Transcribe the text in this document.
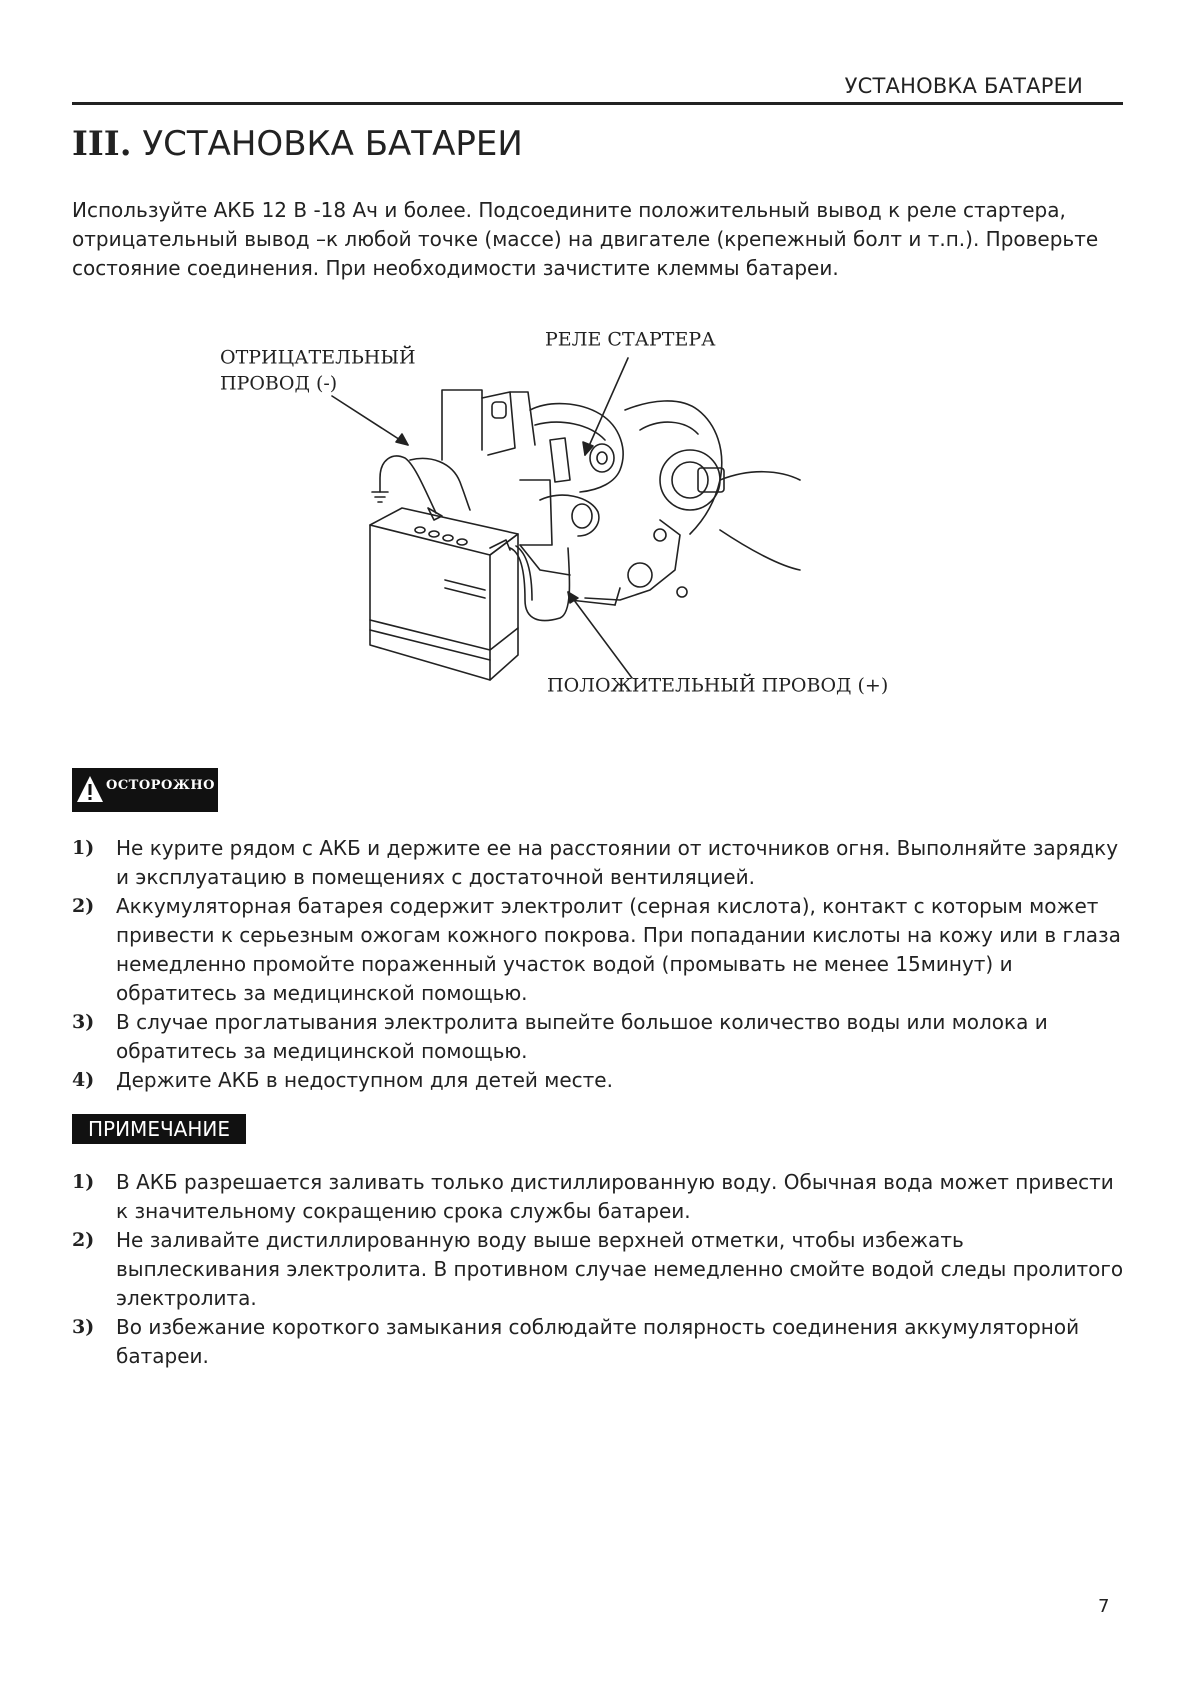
УСТАНОВКА БАТАРЕИ
III. УСТАНОВКА БАТАРЕИ

Используйте АКБ 12 В -18 Ач и более. Подсоедините положительный вывод к реле стартера, отрицательный вывод –к любой точке (массе) на двигателе (крепежный болт и т.п.). Проверьте состояние соединения. При необходимости зачистите клеммы батареи.

РЕЛЕ СТАРТЕРА
ОТРИЦАТЕЛЬНЫЙ
ПРОВОД (-)
ПОЛОЖИТЕЛЬНЫЙ ПРОВОД (+)
ОСТОРОЖНО
1)	Не курите рядом с АКБ и держите ее на расстоянии от источников огня. Выполняйте зарядку и эксплуатацию в помещениях с достаточной вентиляцией.
2)	Аккумуляторная батарея содержит электролит (серная кислота), контакт с которым может привести к серьезным ожогам кожного покрова. При попадании кислоты на кожу или в глаза немедленно промойте пораженный участок водой (промывать не менее 15минут) и обратитесь за медицинской помощью.
3)	В случае проглатывания электролита выпейте большое количество воды или молока и обратитесь за медицинской помощью.
4)	Держите АКБ в недоступном для детей месте.
ПРИМЕЧАНИЕ
1)	В АКБ разрешается заливать только дистиллированную воду. Обычная вода может привести к значительному сокращению срока службы батареи.
2)	Не заливайте дистиллированную воду выше верхней отметки, чтобы избежать выплескивания электролита. В противном случае немедленно смойте водой следы пролитого электролита.
3)	Во избежание короткого замыкания соблюдайте полярность соединения аккумуляторной батареи.
7
